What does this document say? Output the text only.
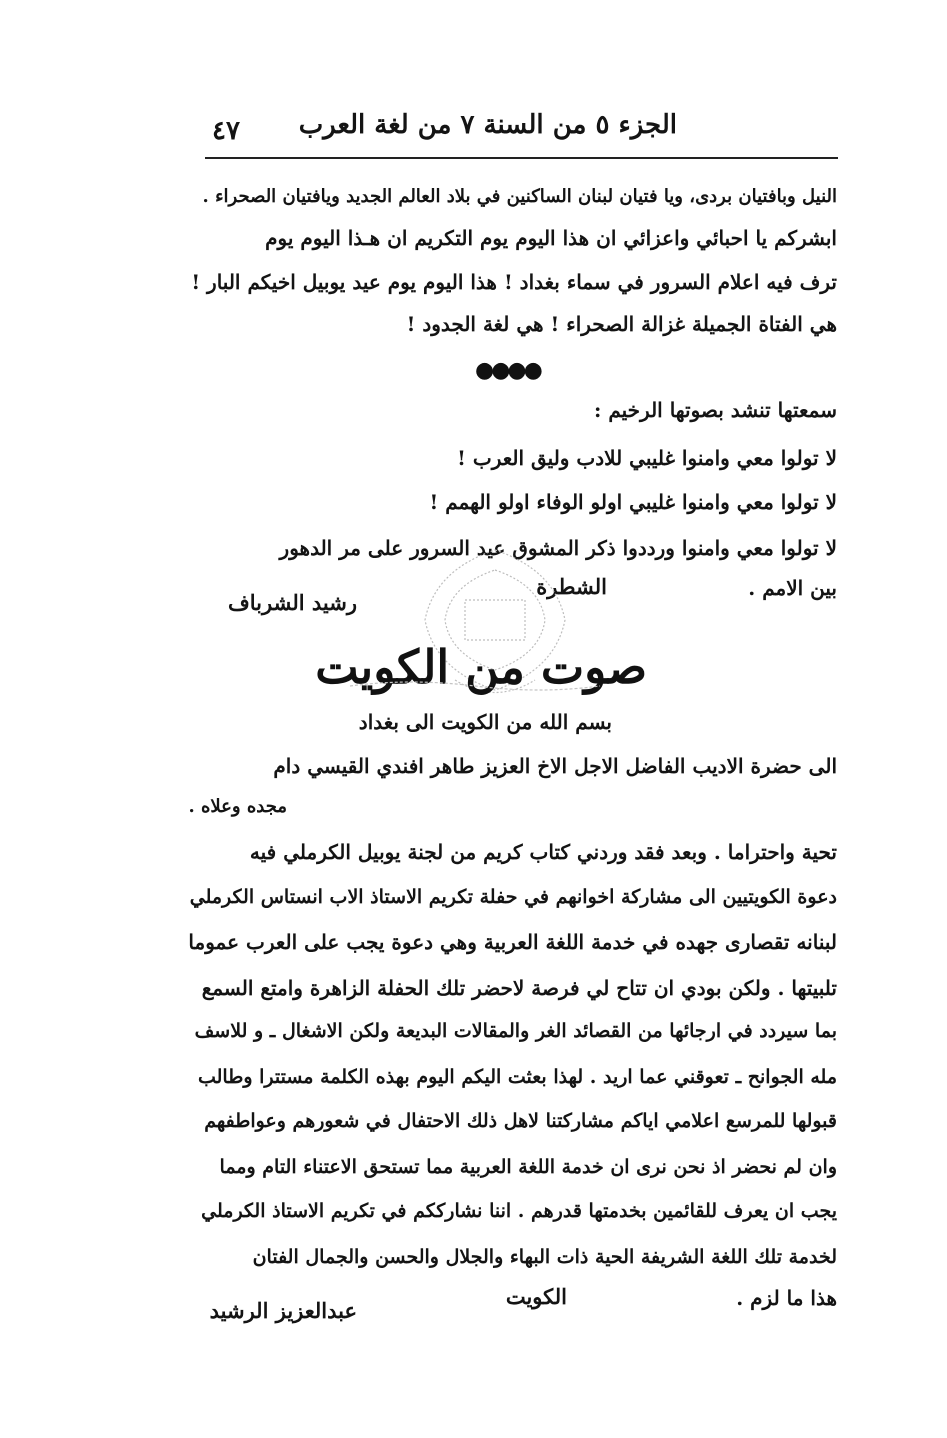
٤٧ الجزء ٥ من السنة ٧ من لغة العرب
النيل وبافتيان بردى، ويا فتيان لبنان الساكنين في بلاد العالم الجديد ويافتيان الصحراء .
ابشركم يا احبائي واعزائي ان هذا اليوم يوم التكريم ان هـذا اليوم يوم
ترف فيه اعلام السرور في سماء بغداد ! هذا اليوم يوم عيد يوبيل اخيكم البار !
هي الفتاة الجميلة غزالة الصحراء ! هي لغة الجدود !
●●●●
سمعتها تنشد بصوتها الرخيم :
لا تولوا معي وامنوا غليبي للادب وليق العرب !
لا تولوا معي وامنوا غليبي اولو الوفاء اولو الهمم !
لا تولوا معي وامنوا ورددوا ذكر المشوق عيد السرور على مر الدهور
بين الامم .
الشطرة
رشيد الشرباف
صوت من الكويت
بسم الله من الكويت الى بغداد
الى حضرة الاديب الفاضل الاجل الاخ العزيز طاهر افندي القيسي دام
مجده وعلاه .
تحية واحتراما . وبعد فقد وردني كتاب كريم من لجنة يوبيل الكرملي فيه
دعوة الكويتيين الى مشاركة اخوانهم في حفلة تكريم الاستاذ الاب انستاس الكرملي
لبنانه تقصارى جهده في خدمة اللغة العربية وهي دعوة يجب على العرب عموما
تلبيتها . ولكن بودي ان تتاح لي فرصة لاحضر تلك الحفلة الزاهرة وامتع السمع
بما سيردد في ارجائها من القصائد الغر والمقالات البديعة ولكن الاشغال ـ و للاسف
مله الجوانح ـ تعوقني عما اريد . لهذا بعثت اليكم اليوم بهذه الكلمة مستترا وطالب
قبولها للمرسع اعلامي اياكم مشاركتنا لاهل ذلك الاحتفال في شعورهم وعواطفهم
وان لم نحضر اذ نحن نرى ان خدمة اللغة العربية مما تستحق الاعتناء التام ومما
يجب ان يعرف للقائمين بخدمتها قدرهم . اننا نشارككم في تكريم الاستاذ الكرملي
لخدمة تلك اللغة الشريفة الحية ذات البهاء والجلال والحسن والجمال الفتان
هذا ما لزم .
الكويت
عبدالعزيز الرشيد
